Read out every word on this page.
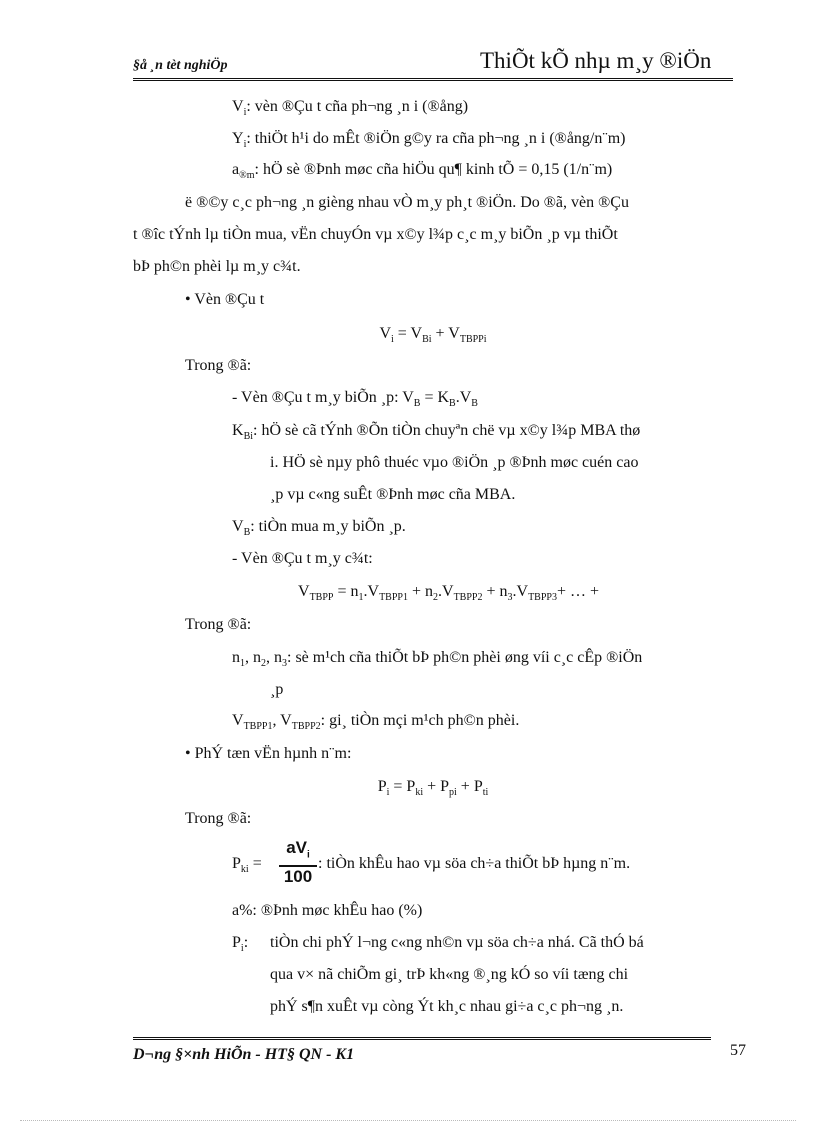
§å ¸n tèt nghiÖp	ThiÕt kÕ nhµ m¸y ®iÖn
$V_i$: vèn ®Çu t cña ph¬ng ¸n i (®ång)
$Y_i$: thiÖt h¹i do mÊt ®iÖn g©y ra cña ph¬ng ¸n i (®ång/n¨m)
$a_{®m}$: hÖ sè ®Þnh møc cña hiÖu qu¶ kinh tÕ = 0,15 (1/n¨m)
ë ®©y c¸c ph¬ng ¸n gièng nhau vÒ m¸y ph¸t ®iÖn. Do ®ã, vèn ®Çu
t ®îc tÝnh lµ tiÒn mua, vËn chuyÓn vµ x©y l¾p c¸c m¸y biÕn ¸p vµ thiÕt
bÞ ph©n phèi lµ m¸y c¾t.
• Vèn ®Çu t
$V_i = V_{Bi} + V_{TBPPi}$
Trong ®ã:
- Vèn ®Çu t m¸y biÕn ¸p: $V_B = K_B.V_B$
$K_{Bi}$: hÖ sè cã tÝnh ®Õn tiÒn chuyªn chë vµ x©y l¾p MBA thø
i. HÖ sè nµy phô thuéc vµo ®iÖn ¸p ®Þnh møc cuén cao
¸p vµ c«ng suÊt ®Þnh møc cña MBA.
$V_B$: tiÒn mua m¸y biÕn ¸p.
- Vèn ®Çu t m¸y c¾t:
$V_{TBPP} = n_1.V_{TBPP1} + n_2.V_{TBPP2} + n_3.V_{TBPP3}+$ … +
Trong ®ã:
$n_1$, $n_2$, $n_3$: sè m¹ch cña thiÕt bÞ ph©n phèi øng víi c¸c cÊp ®iÖn
¸p
$V_{TBPP1}$, $V_{TBPP2}$: gi¸ tiÒn mçi m¹ch ph©n phèi.
• PhÝ tæn vËn hµnh n¨m:
$P_i = P_{ki} + P_{pi} + P_{ti}$
Trong ®ã:
$P_{ki}$ =
$aV_i$
100
: tiÒn khÊu hao vµ söa ch÷a thiÕt bÞ hµng n¨m.
a%: ®Þnh møc khÊu hao (%)
$P_i$: tiÒn chi phÝ l¬ng c«ng nh©n vµ söa ch÷a nhá. Cã thÓ bá
qua v× nã chiÕm gi¸ trÞ kh«ng ®¸ng kÓ so víi tæng chi
phÝ s¶n xuÊt vµ còng Ýt kh¸c nhau gi÷a c¸c ph¬ng ¸n.
D¬ng §×nh HiÕn - HT§ QN - K1	57
